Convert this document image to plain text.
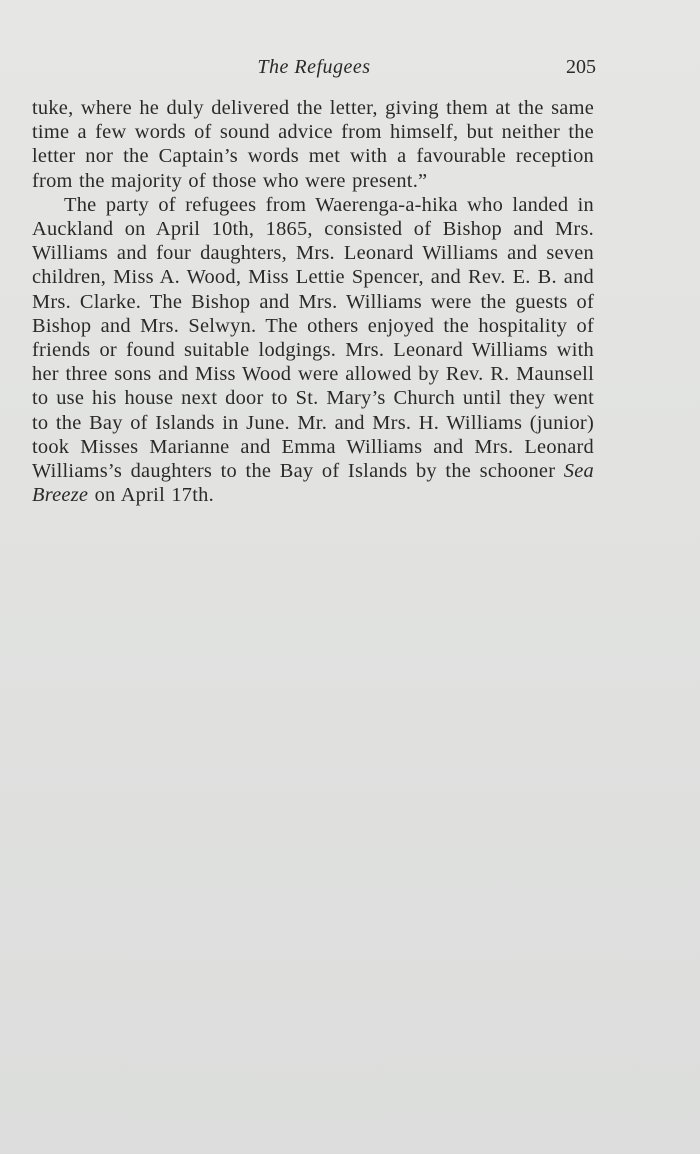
The Refugees	205

tuke, where he duly delivered the letter, giving them at the same time a few words of sound advice from himself, but neither the letter nor the Captain’s words met with a favourable reception from the majority of those who were present.”

The party of refugees from Waerenga-a-hika who landed in Auckland on April 10th, 1865, consisted of Bishop and Mrs. Williams and four daughters, Mrs. Leonard Williams and seven children, Miss A. Wood, Miss Lettie Spencer, and Rev. E. B. and Mrs. Clarke. The Bishop and Mrs. Williams were the guests of Bishop and Mrs. Selwyn. The others enjoyed the hospitality of friends or found suitable lodgings. Mrs. Leonard Williams with her three sons and Miss Wood were allowed by Rev. R. Maunsell to use his house next door to St. Mary’s Church until they went to the Bay of Islands in June. Mr. and Mrs. H. Williams (junior) took Misses Marianne and Emma Williams and Mrs. Leonard Williams’s daughters to the Bay of Islands by the schooner Sea Breeze on April 17th.
